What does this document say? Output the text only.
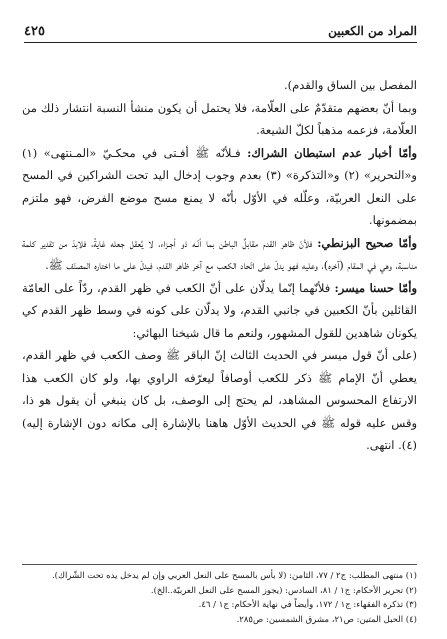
المراد من الكعبين
٤٢٥

المفصل بين الساق والقدم).

وبما أنّ بعضهم متقدّمٌ على العلّامة، فلا يحتمل أن يكون منشأ النسبة انتشار ذلك من العلّامة، فزعمه مذهباً لكلّ الشيعة.

وأمّا أخبار عدم استبطان الشراك: فـلأنّه ﷺ أفـتى في محكـيّ «المـنتهى» (١) و«التحرير» (٢) و«التذكرة» (٣) بعدم وجوب إدخال اليد تحت الشراكين في المسح على النعل العربيّة، وعلّله في الأوّل بأنّه لا يمنع مسح موضع الفرض، فهو ملتزم بمضمونها.

وأمّا صحيح البزنطي: فلأنّ ظاهر القدم مقابلٌ الباطن بما أنّـه ذو أجـزاء، لا يُعقل جعله غايةً، فلابدّ من تقدير كلمة مناسبة، وهي في المقام (آخره)، وعليه فهو يدلّ على اتّحاد الكعب مع آخر ظاهر القدم، فيدلّ على ما اختاره المصنّف ﷺ.

وأمّا حسنا ميسر: فلأنّهما إنّما يدلّان على أنّ الكعب في ظهر القدم، ردّاً على العامّة القائلين بأنّ الكعبين في جانبي القدم، ولا يدلّان على كونه في وسط ظهر القدم كي يكونان شاهدين للقول المشهور، ولنعم ما قال شيخنا البهائي:

(على أنّ قول ميسر في الحديث الثالث إنّ الباقر ﷺ وصف الكعب في ظهر القدم، يعطي أنّ الإمام ﷺ ذكر للكعب أوصافاً ليعرّفه الراوي بها، ولو كان الكعب هذا الارتفاع المحسوس المشاهد، لم يحتج إلى الوصف، بل كان ينبغي أن يقول هو ذا، وقس عليه قوله ﷺ في الحديث الأوّل هاهنا بالإشارة إلى مكانه دون الإشارة إليه) (٤). انتهى.

(١) منتهى المطلب: ج٢ / ٧٧، الثامن: (لا بأس بالمسح على النعل العربي وإن لم يدخل يده تحت الشّراك).

(٢) تحرير الأحكام: ج١ / ٨١، السادس: (يجوز المسح على النعل العربيّة..الخ).

(٣) تذكرة الفقهاء: ج١ / ١٧٢، وأيضاً في نهاية الأحكام: ج١ / ٤٦.

(٤) الحبل المتين: ص٢١، مشرق الشمسين: ص٢٨٥.
